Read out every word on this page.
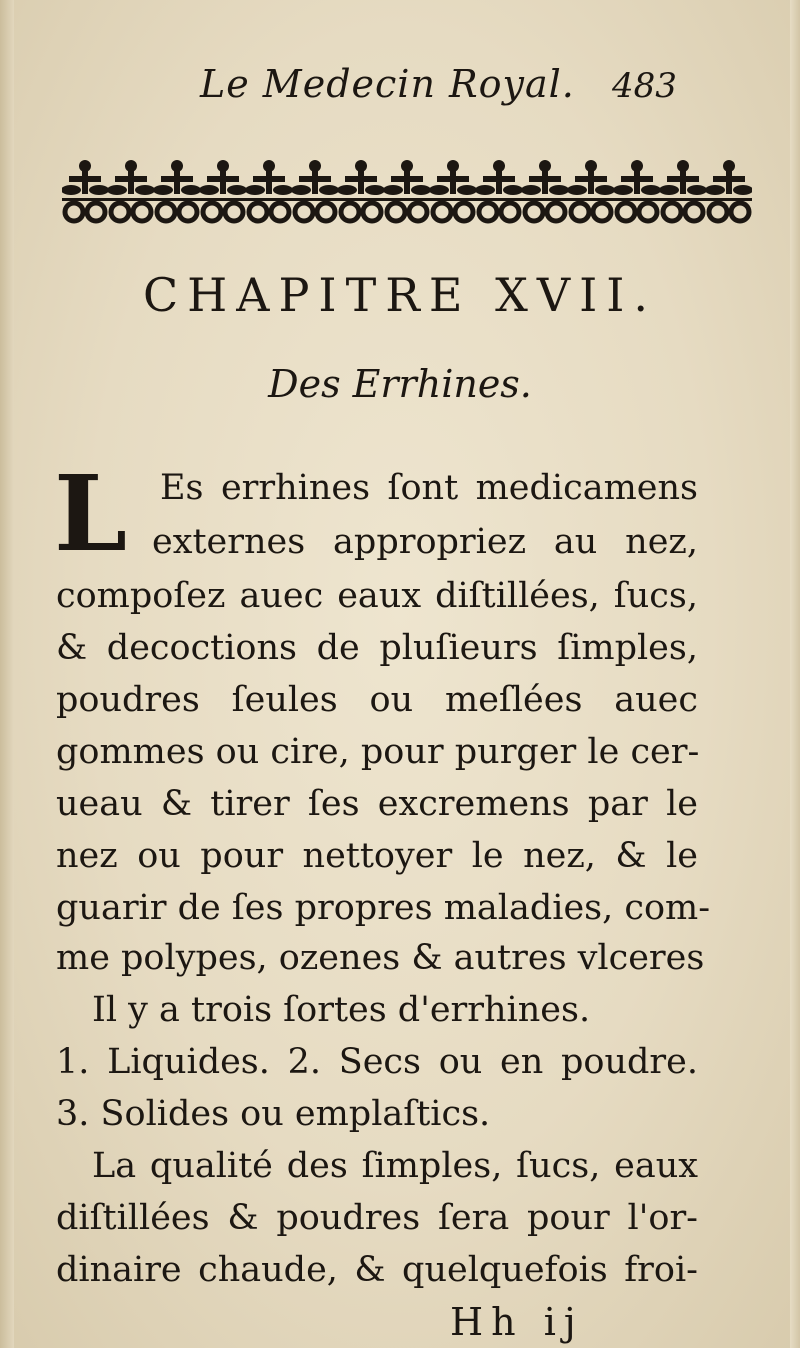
Le Medecin Royal. 483
CHAPITRE XVII.
Des Errhines.
L Es errhines ſont medicamens
externes appropriez au nez,
compoſez auec eaux diſtillées, ſucs,
& decoctions de pluſieurs ſimples,
poudres ſeules ou meſlées auec
gommes ou cire, pour purger le cer-
ueau & tirer ſes excremens par le
nez ou pour nettoyer le nez, & le
guarir de ſes propres maladies, com-
me polypes, ozenes & autres vlceres
Il y a trois ſortes d'errhines.
1. Liquides. 2. Secs ou en poudre.
3. Solides ou emplaſtics.
La qualité des ſimples, ſucs, eaux
diſtillées & poudres ſera pour l'or-
dinaire chaude, & quelquefois froi-
Hh ij
